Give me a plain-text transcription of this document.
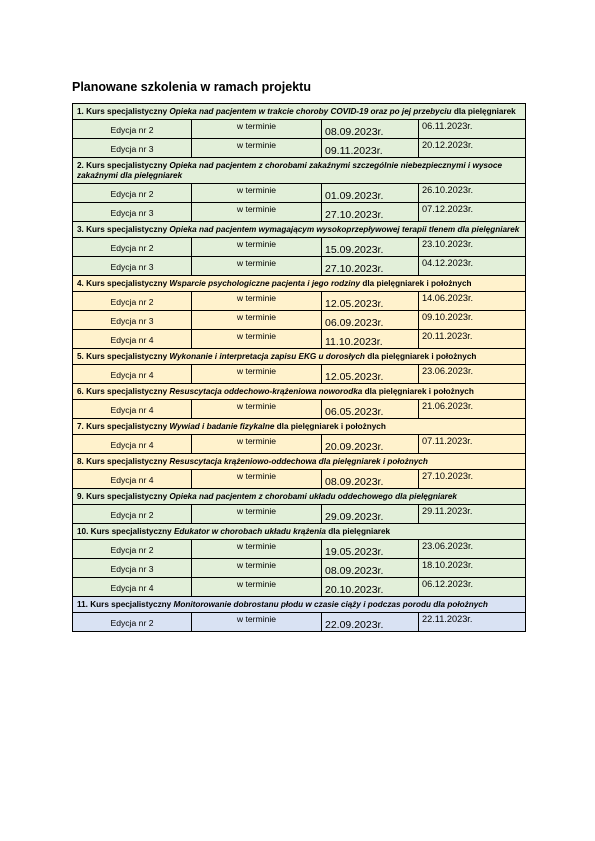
Planowane szkolenia w ramach projektu
1. Kurs specjalistyczny Opieka nad pacjentem w trakcie choroby COVID-19 oraz po jej przebyciu dla pielęgniarek			
Edycja nr 2	w terminie	08.09.2023r.	06.11.2023r.
Edycja nr 3	w terminie	09.11.2023r.	20.12.2023r.
2. Kurs specjalistyczny Opieka nad pacjentem z chorobami zakaźnymi szczególnie niebezpiecznymi i wysoce zakaźnymi dla pielęgniarek			
Edycja nr 2	w terminie	01.09.2023r.	26.10.2023r.
Edycja nr 3	w terminie	27.10.2023r.	07.12.2023r.
3. Kurs specjalistyczny Opieka nad pacjentem wymagającym wysokoprzepływowej terapii tlenem dla pielęgniarek			
Edycja nr 2	w terminie	15.09.2023r.	23.10.2023r.
Edycja nr 3	w terminie	27.10.2023r.	04.12.2023r.
4. Kurs specjalistyczny Wsparcie psychologiczne pacjenta i jego rodziny dla pielęgniarek i położnych			
Edycja nr 2	w terminie	12.05.2023r.	14.06.2023r.
Edycja nr 3	w terminie	06.09.2023r.	09.10.2023r.
Edycja nr 4	w terminie	11.10.2023r.	20.11.2023r.
5. Kurs specjalistyczny Wykonanie i interpretacja zapisu EKG u dorosłych dla pielęgniarek i położnych			
Edycja nr 4	w terminie	12.05.2023r.	23.06.2023r.
6. Kurs specjalistyczny Resuscytacja oddechowo-krążeniowa noworodka dla pielęgniarek i położnych			
Edycja nr 4	w terminie	06.05.2023r.	21.06.2023r.
7. Kurs specjalistyczny Wywiad i badanie fizykalne dla pielęgniarek i położnych			
Edycja nr 4	w terminie	20.09.2023r.	07.11.2023r.
8. Kurs specjalistyczny Resuscytacja krążeniowo-oddechowa dla pielęgniarek i położnych			
Edycja nr 4	w terminie	08.09.2023r.	27.10.2023r.
9. Kurs specjalistyczny Opieka nad pacjentem z chorobami układu oddechowego dla pielęgniarek			
Edycja nr 2	w terminie	29.09.2023r.	29.11.2023r.
10. Kurs specjalistyczny Edukator w chorobach układu krążenia dla pielęgniarek			
Edycja nr 2	w terminie	19.05.2023r.	23.06.2023r.
Edycja nr 3	w terminie	08.09.2023r.	18.10.2023r.
Edycja nr 4	w terminie	20.10.2023r.	06.12.2023r.
11. Kurs specjalistyczny Monitorowanie dobrostanu płodu w czasie ciąży i podczas porodu dla położnych			
Edycja nr 2	w terminie	22.09.2023r.	22.11.2023r.
